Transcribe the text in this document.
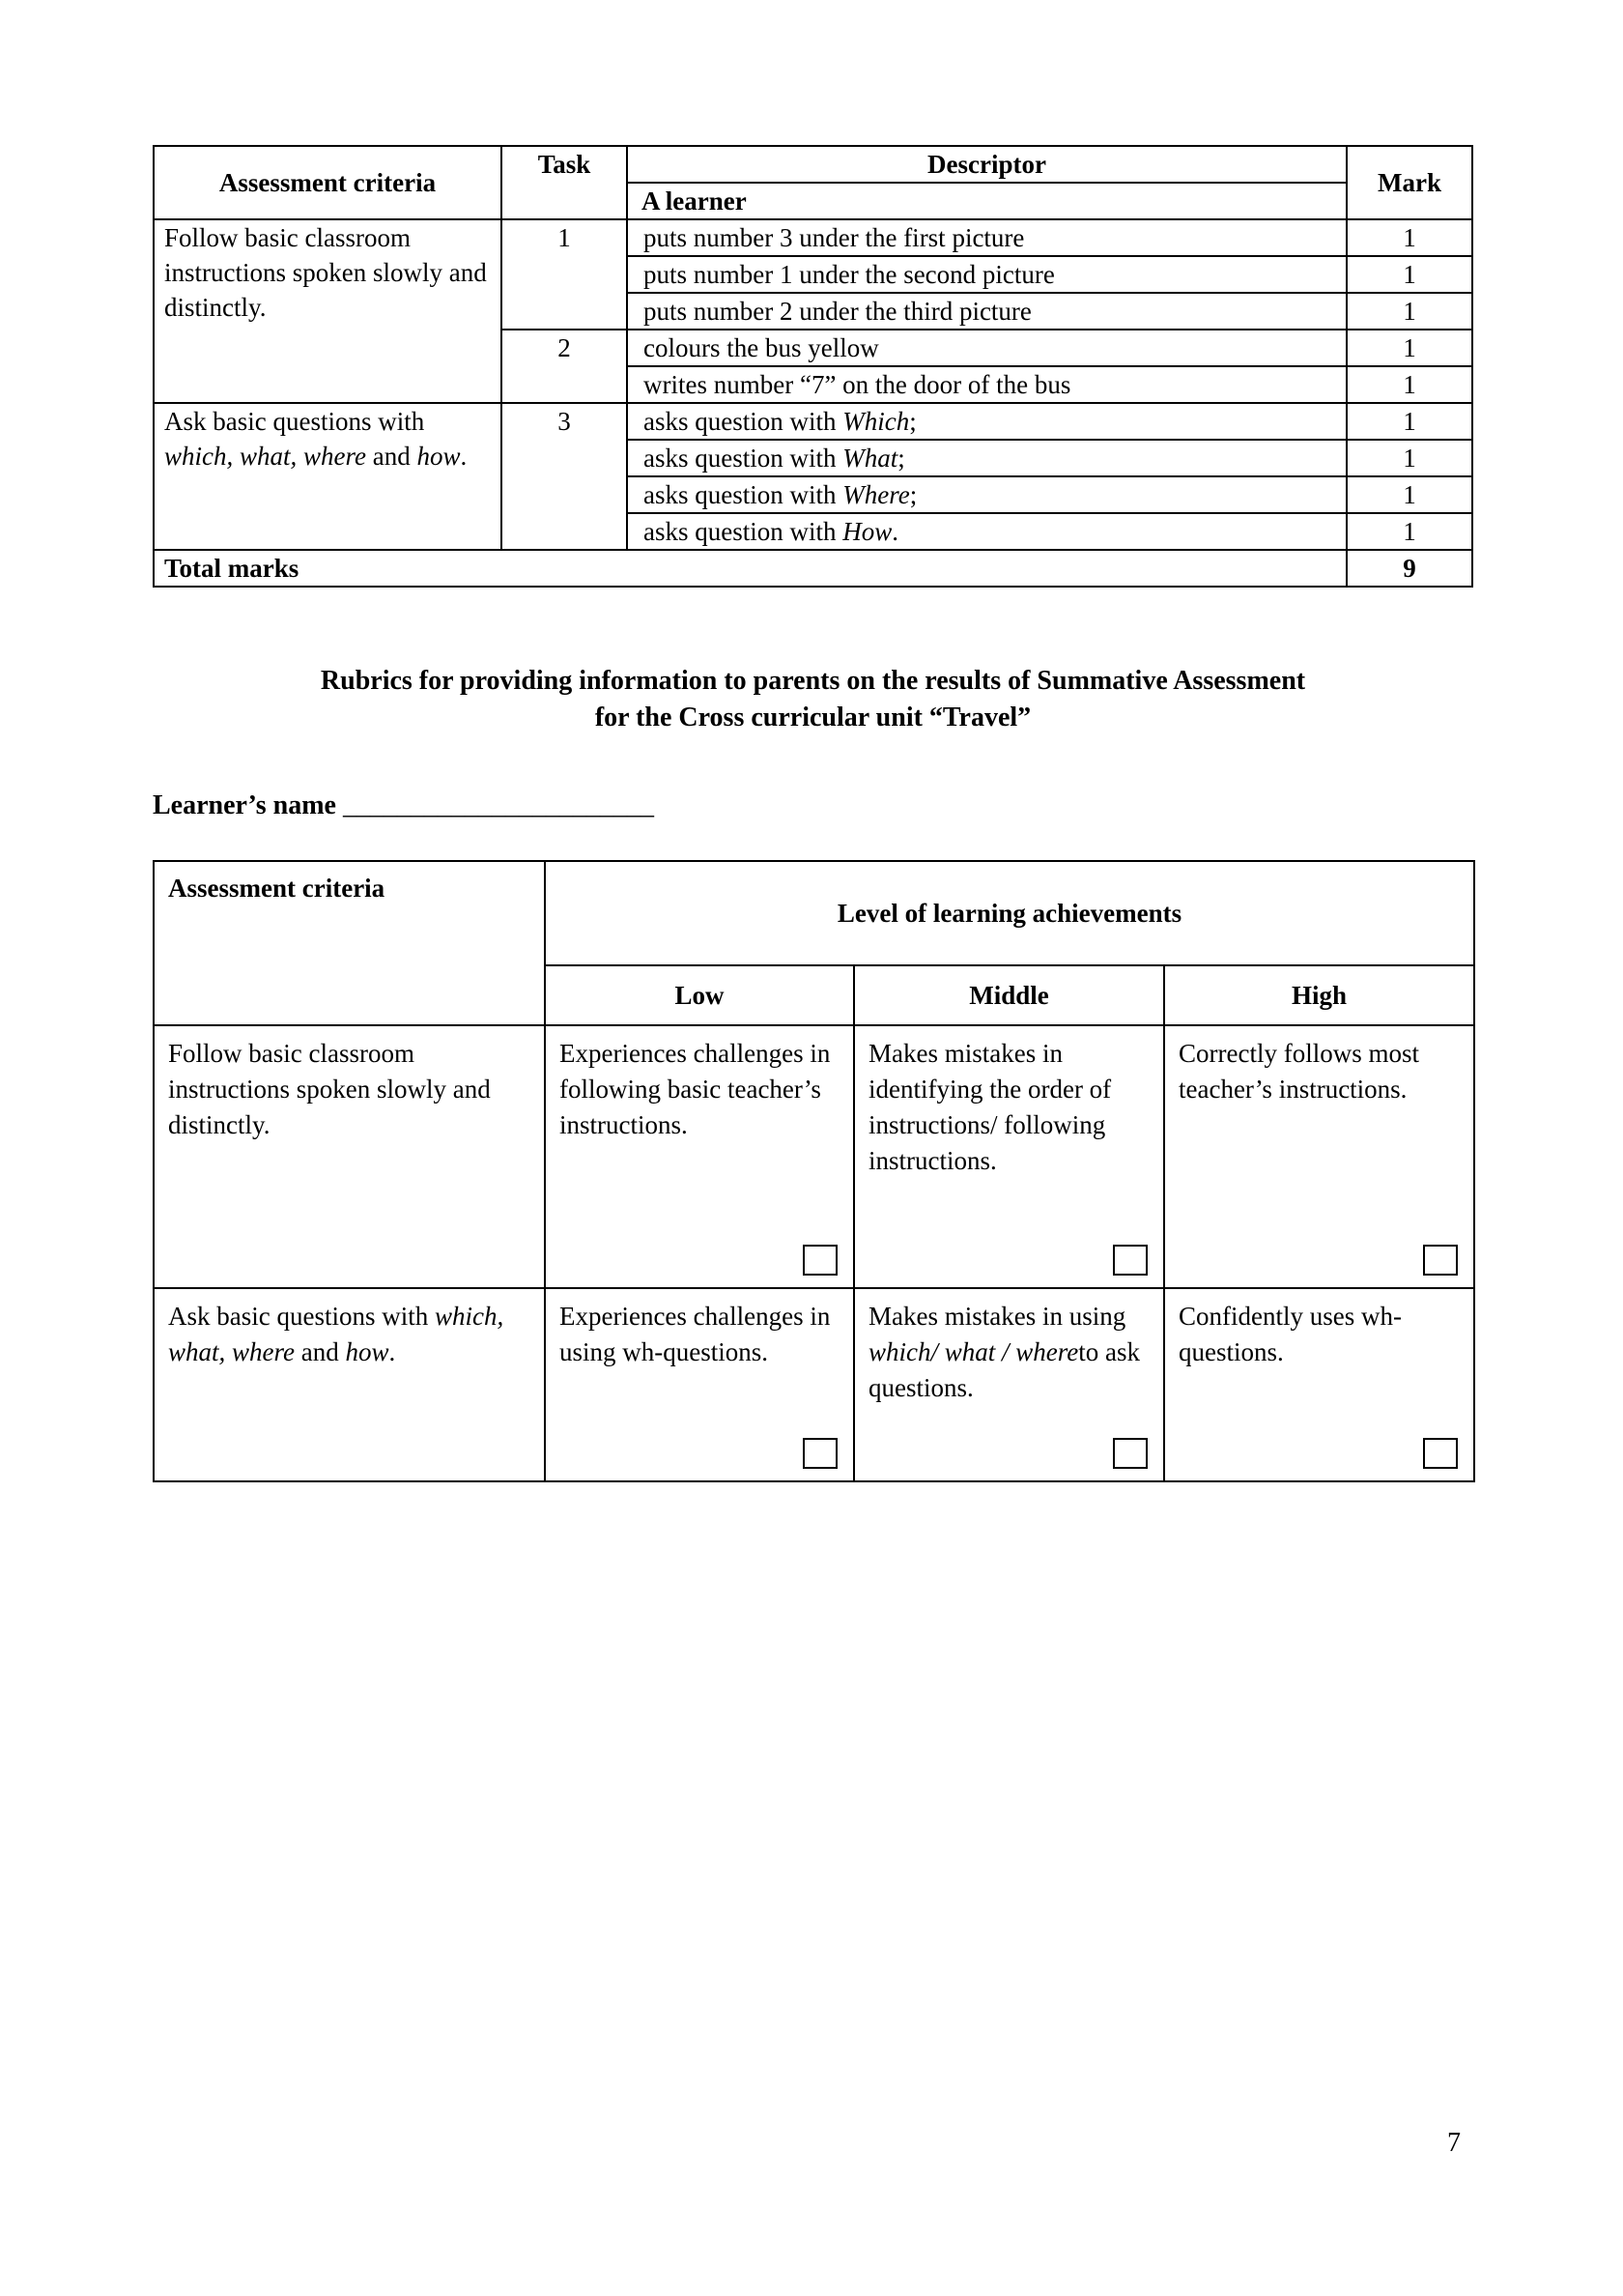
Assessment criteria	Task	Descriptor	Mark
		A learner	
Follow basic classroom instructions spoken slowly and distinctly.	1	puts number 3 under the first picture	1
		puts number 1 under the second picture	1
		puts number 2 under the third picture	1
	2	colours the bus yellow	1
		writes number “7” on the door of the bus	1
Ask basic questions with which, what, where and how.	3	asks question with Which;	1
		asks question with What;	1
		asks question with Where;	1
		asks question with How.	1
Total marks			9
Rubrics for providing information to parents on the results of Summative Assessment
for the Cross curricular unit “Travel”
Learner’s name _______________________
Assessment criteria	Level of learning achievements		
	Low	Middle	High
Follow basic classroom instructions spoken slowly and distinctly.	Experiences challenges in following basic teacher’s instructions.	Makes mistakes in identifying the order of instructions/ following instructions.	Correctly follows most teacher’s instructions.

Ask basic questions with which, what, where and how.	Experiences challenges in using wh-questions.	Makes mistakes in using which/ what / whereto ask questions.	Confidently uses wh-questions.
7
